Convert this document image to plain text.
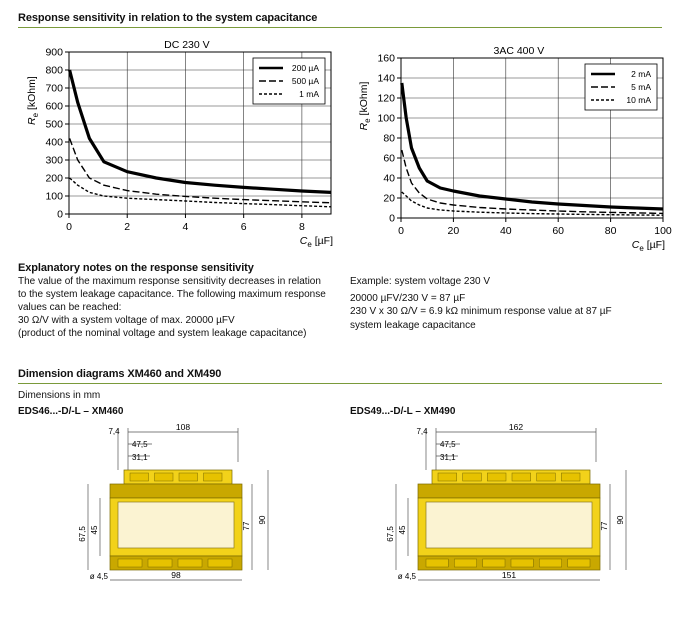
Response sensitivity in relation to the system capacitance
DC 230 V
0
100
200
300
400
500
600
700
800
900
0	2	4	6	8
$R_e$ [kOhm]
$C_e$ [µF]
200 µA
500 µA
1 mA
3AC 400 V
0
20
40
60
80
100
120
140
160
0	20	40	60	80	100
$R_e$ [kOhm]
$C_e$ [µF]
2 mA
5 mA
10 mA
Explanatory notes on the response sensitivity
The value of the maximum response sensitivity decreases in relation
to the system leakage capacitance. The following maximum response
values can be reached:
30 Ω/V with a system voltage of max. 20000 µFV
(product of the nominal voltage and system leakage capacitance)
Example: system voltage 230 V
20000 µFV/230 V = 87 µF
230 V x 30 Ω/V = 6.9 kΩ minimum response value at 87 µF
system leakage capacitance
Dimension diagrams XM460 and XM490
Dimensions in mm
EDS46...-D/-L – XM460	EDS49...-D/-L – XM490
7,4	108
47,5
31,1
67,5 45	77
90
98
ø 4,5
7,4	162
47,5
31,1
67,5 45	77
90
151
ø 4,5
